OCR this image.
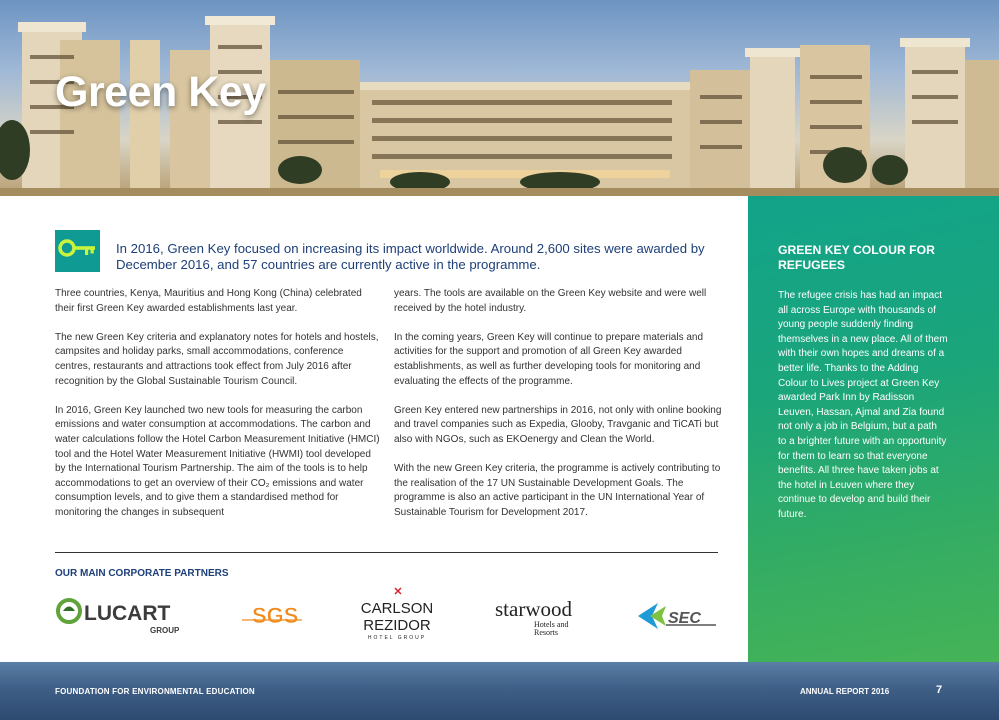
Green Key
In 2016, Green Key focused on increasing its impact worldwide. Around 2,600 sites were awarded by December 2016, and 57 countries are currently active in the programme.

Three countries, Kenya, Mauritius and Hong Kong (China) celebrated their first Green Key awarded establishments last year.

The new Green Key criteria and explanatory notes for hotels and hostels, campsites and holiday parks, small accommodations, conference centres, restaurants and attractions took effect from July 2016 after recognition by the Global Sustainable Tourism Council.

In 2016, Green Key launched two new tools for measuring the carbon emissions and water consumption at accommodations. The carbon and water calculations follow the Hotel Carbon Measurement Initiative (HMCI) tool and the Hotel Water Measurement Initiative (HWMI) tool developed by the International Tourism Partnership. The aim of the tools is to help accommodations to get an overview of their CO₂ emissions and water consumption levels, and to give them a standardised method for monitoring the changes in subsequent

years. The tools are available on the Green Key website and were well received by the hotel industry.

In the coming years, Green Key will continue to prepare materials and activities for the support and promotion of all Green Key awarded establishments, as well as further developing tools for monitoring and evaluating the effects of the programme.

Green Key entered new partnerships in 2016, not only with online booking and travel companies such as Expedia, Glooby, Travganic and TiCATi but also with NGOs, such as EKOenergy and Clean the World.

With the new Green Key criteria, the programme is actively contributing to the realisation of the 17 UN Sustainable Development Goals. The programme is also an active participant in the UN International Year of Sustainable Tourism for Development 2017.

OUR MAIN CORPORATE PARTNERS
LUCART
GROUP
SGS
✕
CARLSON
REZIDOR
HOTEL GROUP
starwood
Hotels and
Resorts
SEC
GREEN KEY COLOUR FOR REFUGEES
The refugee crisis has had an impact all across Europe with thousands of young people suddenly finding themselves in a new place. All of them with their own hopes and dreams of a better life. Thanks to the Adding Colour to Lives project at Green Key awarded Park Inn by Radisson Leuven, Hassan, Ajmal and Zia found not only a job in Belgium, but a path to a brighter future with an opportunity for them to learn so that everyone benefits. All three have taken jobs at the hotel in Leuven where they continue to develop and build their future.
FOUNDATION FOR ENVIRONMENTAL EDUCATION	ANNUAL REPORT 2016	7
